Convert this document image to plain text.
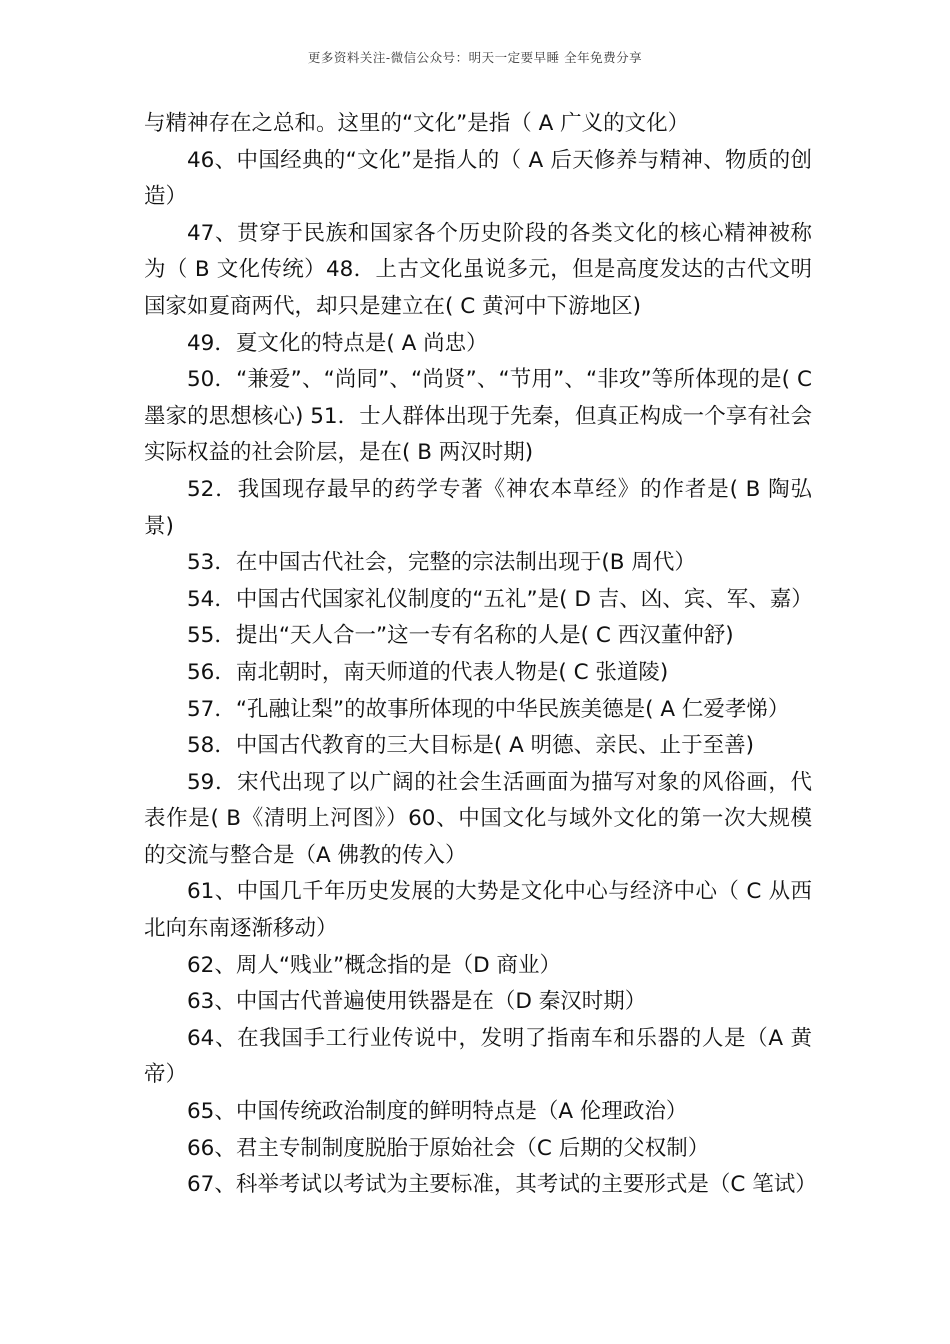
更多资料关注-微信公众号：明天一定要早睡 全年免费分享

与精神存在之总和。这里的“文化”是指（ A 广义的文化）

46、中国经典的“文化”是指人的（ A 后天修养与精神、物质的创造）

47、贯穿于民族和国家各个历史阶段的各类文化的核心精神被称为（ B 文化传统）48．上古文化虽说多元，但是高度发达的古代文明国家如夏商两代，却只是建立在( C 黄河中下游地区)

49．夏文化的特点是( A 尚忠）

50．“兼爱”、“尚同”、“尚贤”、“节用”、“非攻”等所体现的是( C 墨家的思想核心) 51．士人群体出现于先秦，但真正构成一个享有社会实际权益的社会阶层，是在( B 两汉时期)

52．我国现存最早的药学专著《神农本草经》的作者是( B 陶弘景)

53．在中国古代社会，完整的宗法制出现于(B 周代）

54．中国古代国家礼仪制度的“五礼”是( D 吉、凶、宾、军、嘉）

55．提出“天人合一”这一专有名称的人是( C 西汉董仲舒)

56．南北朝时，南天师道的代表人物是( C 张道陵)

57．“孔融让梨”的故事所体现的中华民族美德是( A 仁爱孝悌）

58．中国古代教育的三大目标是( A 明德、亲民、止于至善)

59．宋代出现了以广阔的社会生活画面为描写对象的风俗画，代表作是( B《清明上河图》）60、中国文化与域外文化的第一次大规模的交流与整合是（A 佛教的传入）

61、中国几千年历史发展的大势是文化中心与经济中心（ C 从西北向东南逐渐移动）

62、周人“贱业”概念指的是（D 商业）

63、中国古代普遍使用铁器是在（D 秦汉时期）

64、在我国手工行业传说中，发明了指南车和乐器的人是（A 黄帝）

65、中国传统政治制度的鲜明特点是（A 伦理政治）

66、君主专制制度脱胎于原始社会（C 后期的父权制）

67、科举考试以考试为主要标准，其考试的主要形式是（C 笔试）
